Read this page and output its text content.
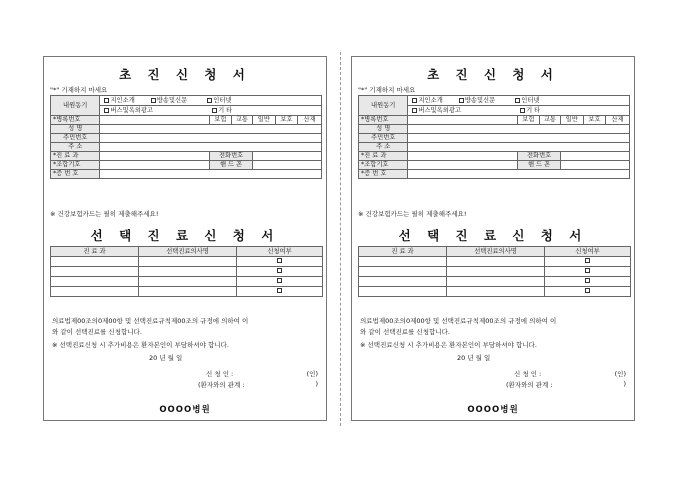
초 진 신 청 서
"*" 기재하지 마세요
내원동기	지인소개 방송및신문 인터넷					
	버스및옥외광고 기 타					
*병록번호		보험	교통	일반	보호	산재
성 명						
주민번호						
주 소						
*진 료 과		전화번호				
*조합기호		핸 드 폰				
*증 번 호						
※ 건강보험카드는 필히 제출해주세요!
선 택 진 료 신 청 서
진 료 과	선택진료의사명	신청여부

의료법제00조의0제00항 및 선택진료규칙제00조의 규정에 의하여 이
와 같이 선택진료를 신청합니다.
※ 선택진료신청 시 추가비용은 환자본인이 부담하셔야 합니다.
20 년 월 일
신 청 인 :	(인)
(환자와의 관계 :	)
OOOO병원
초 진 신 청 서
"*" 기재하지 마세요
내원동기	지인소개 방송및신문 인터넷					
	버스및옥외광고 기 타					
*병록번호		보험	교통	일반	보호	산재
성 명						
주민번호						
주 소						
*진 료 과		전화번호				
*조합기호		핸 드 폰				
*증 번 호						
※ 건강보험카드는 필히 제출해주세요!
선 택 진 료 신 청 서
진 료 과	선택진료의사명	신청여부

의료법제00조의0제00항 및 선택진료규칙제00조의 규정에 의하여 이
와 같이 선택진료를 신청합니다.
※ 선택진료신청 시 추가비용은 환자본인이 부담하셔야 합니다.
20 년 월 일
신 청 인 :	(인)
(환자와의 관계 :	)
OOOO병원
